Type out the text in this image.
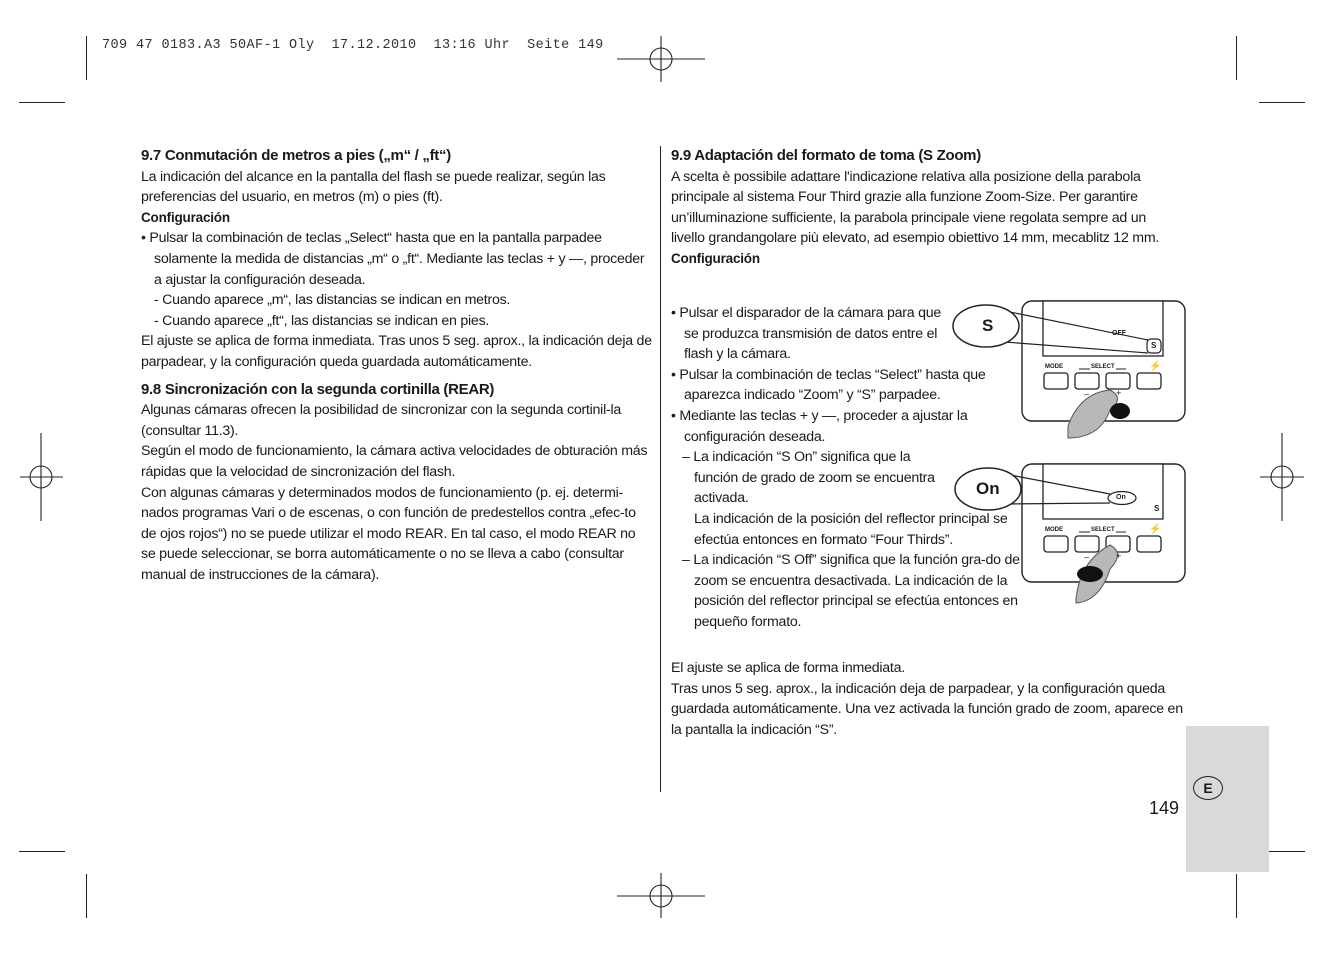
709 47 0183.A3 50AF-1 Oly  17.12.2010  13:16 Uhr  Seite 149

9.7 Conmutación de metros a pies („m“ / „ft“)

La indicación del alcance en la pantalla del flash se puede realizar, según las preferencias del usuario, en metros (m) o pies (ft).

Configuración

• Pulsar la combinación de teclas „Select“ hasta que en la pantalla parpadee solamente la medida de distancias „m“ o „ft“. Mediante las teclas + y —, proceder a ajustar la configuración deseada.

- Cuando aparece „m“, las distancias se indican en metros.

- Cuando aparece „ft“, las distancias se indican en pies.

El ajuste se aplica de forma inmediata. Tras unos 5 seg. aprox., la indicación deja de parpadear, y la configuración queda guardada automáticamente.

9.8 Sincronización con la segunda cortinilla (REAR)

Algunas cámaras ofrecen la posibilidad de sincronizar con la segunda cortinil-la (consultar 11.3).

Según el modo de funcionamiento, la cámara activa velocidades de obturación más rápidas que la velocidad de sincronización del flash.

Con algunas cámaras y determinados modos de funcionamiento (p. ej. determi-nados programas Vari o de escenas, o con función de predestellos contra „efec-to de ojos rojos“) no se puede utilizar el modo REAR. En tal caso, el modo REAR no se puede seleccionar, se borra automáticamente o no se lleva a cabo (consultar manual de instrucciones de la cámara).

9.9 Adaptación del formato de toma (S Zoom)

A scelta è possibile adattare l'indicazione relativa alla posizione della parabola principale al sistema Four Third grazie alla funzione Zoom-Size. Per garantire un’illuminazione sufficiente, la parabola principale viene regolata sempre ad un livello grandangolare più elevato, ad esempio obiettivo 14 mm, mecablitz 12 mm.

Configuración

• Pulsar el disparador de la cámara para que se produzca transmisión de datos entre el flash y la cámara.

• Pulsar la combinación de teclas “Select” hasta que aparezca indicado “Zoom” y “S” parpadee.

• Mediante las teclas + y —, proceder a ajustar la configuración deseada.

– La indicación “S On” significa que la función de grado de zoom se encuentra activada.

La indicación de la posición del reflector principal se efectúa entonces en formato “Four Thirds”.

– La indicación “S Off” significa que la función gra-do de zoom se encuentra desactivada. La indicación de la posición del reflector principal se efectúa entonces en pequeño formato.

El ajuste se aplica de forma inmediata.

Tras unos 5 seg. aprox., la indicación deja de parpadear, y la configuración queda guardada automáticamente. Una vez activada la función grado de zoom, aparece en la pantalla la indicación “S”.

S	OFF
S
MODE	SELECT	⚡
–	+
On	On
S
MODE	SELECT	⚡
–	+
E
149
